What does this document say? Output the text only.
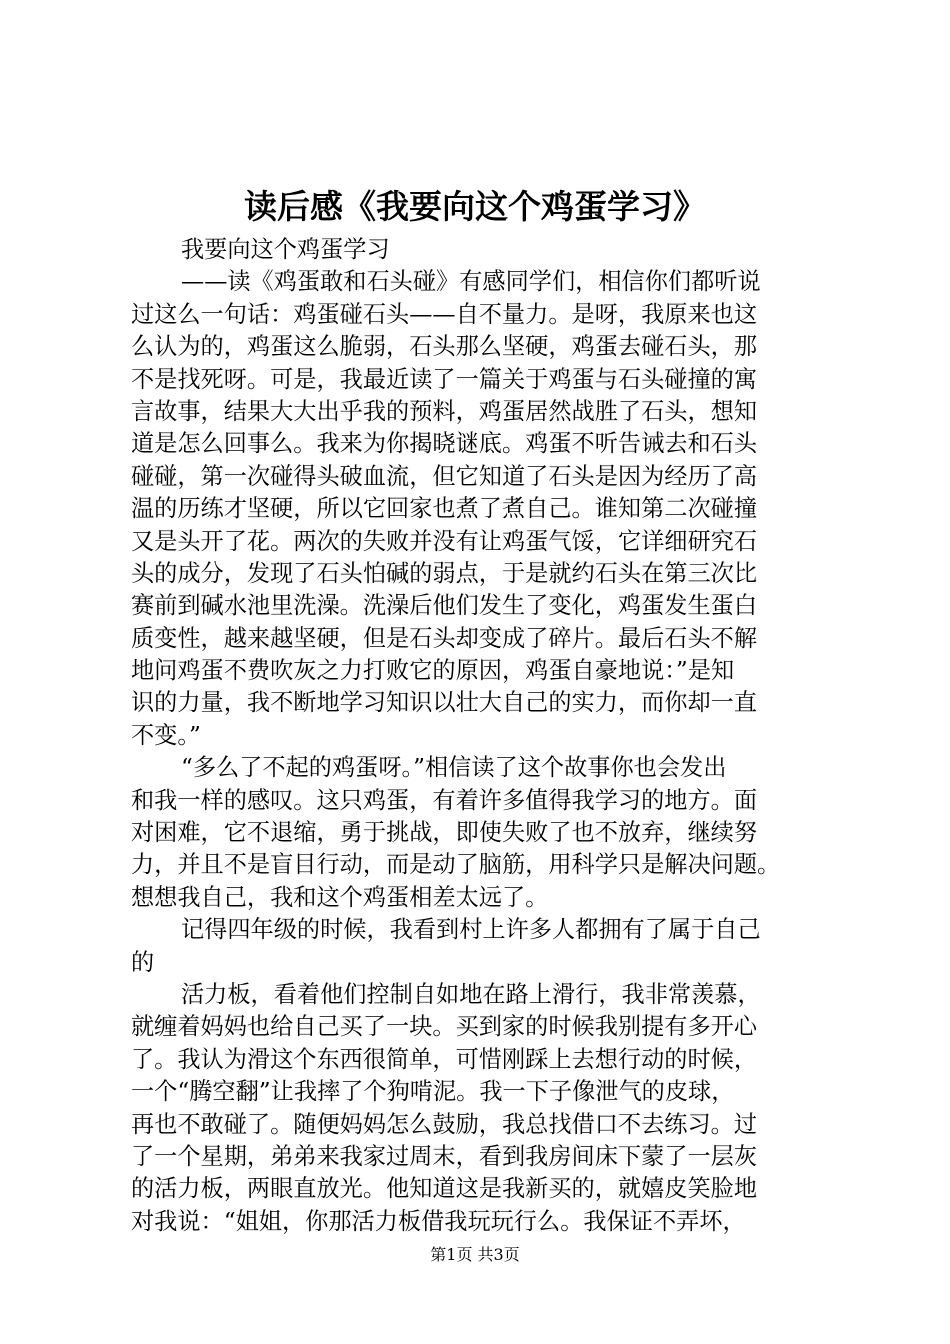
读后感《我要向这个鸡蛋学习》
我要向这个鸡蛋学习
——读《鸡蛋敢和石头碰》有感同学们，相信你们都听说
过这么一句话：鸡蛋碰石头——自不量力。是呀，我原来也这
么认为的，鸡蛋这么脆弱，石头那么坚硬，鸡蛋去碰石头，那
不是找死呀。可是，我最近读了一篇关于鸡蛋与石头碰撞的寓
言故事，结果大大出乎我的预料，鸡蛋居然战胜了石头，想知
道是怎么回事么。我来为你揭晓谜底。鸡蛋不听告诫去和石头
碰碰，第一次碰得头破血流，但它知道了石头是因为经历了高
温的历练才坚硬，所以它回家也煮了煮自己。谁知第二次碰撞
又是头开了花。两次的失败并没有让鸡蛋气馁，它详细研究石
头的成分，发现了石头怕碱的弱点，于是就约石头在第三次比
赛前到碱水池里洗澡。洗澡后他们发生了变化，鸡蛋发生蛋白
质变性，越来越坚硬，但是石头却变成了碎片。最后石头不解
地问鸡蛋不费吹灰之力打败它的原因，鸡蛋自豪地说：”是知
识的力量，我不断地学习知识以壮大自己的实力，而你却一直
不变。”
“多么了不起的鸡蛋呀。”相信读了这个故事你也会发出
和我一样的感叹。这只鸡蛋，有着许多值得我学习的地方。面
对困难，它不退缩，勇于挑战，即使失败了也不放弃，继续努
力，并且不是盲目行动，而是动了脑筋，用科学只是解决问题。
想想我自己，我和这个鸡蛋相差太远了。
记得四年级的时候，我看到村上许多人都拥有了属于自己
的
活力板，看着他们控制自如地在路上滑行，我非常羡慕，
就缠着妈妈也给自己买了一块。买到家的时候我别提有多开心
了。我认为滑这个东西很简单，可惜刚踩上去想行动的时候，
一个“腾空翻”让我摔了个狗啃泥。我一下子像泄气的皮球，
再也不敢碰了。随便妈妈怎么鼓励，我总找借口不去练习。过
了一个星期，弟弟来我家过周末，看到我房间床下蒙了一层灰
的活力板，两眼直放光。他知道这是我新买的，就嬉皮笑脸地
对我说：“姐姐，你那活力板借我玩玩行么。我保证不弄坏，
第1页 共3页
